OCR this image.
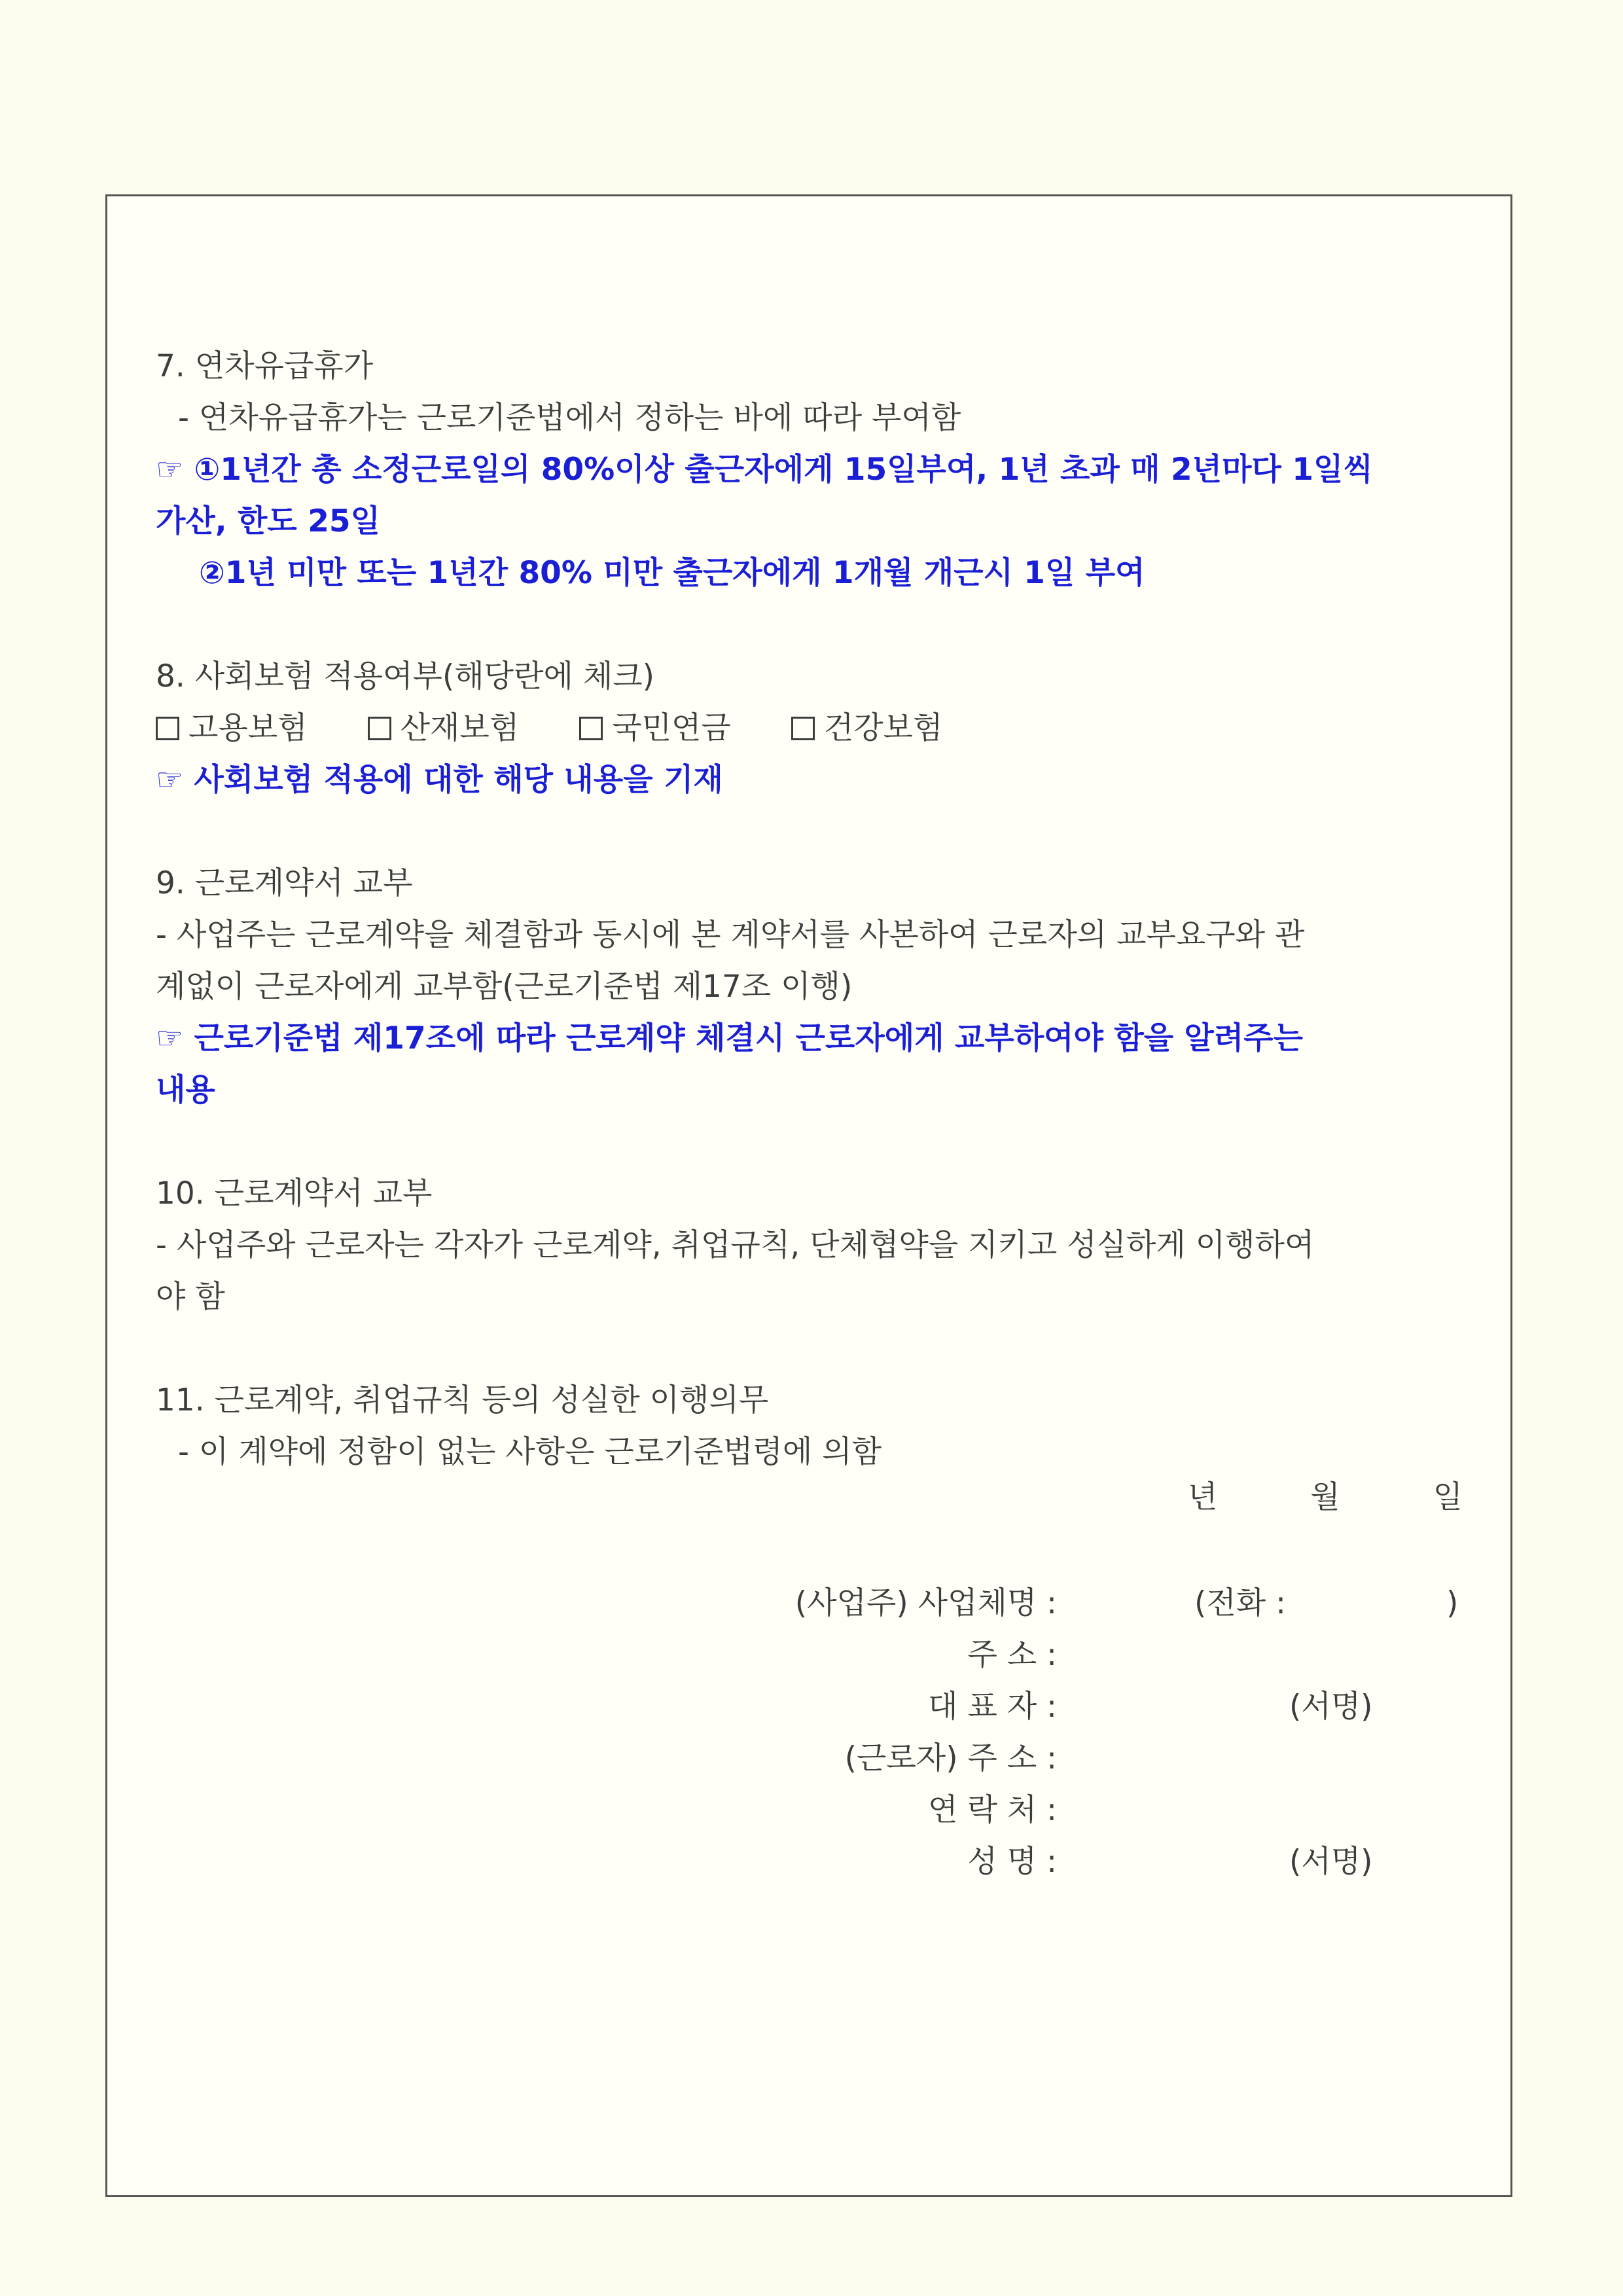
7. 연차유급휴가
- 연차유급휴가는 근로기준법에서 정하는 바에 따라 부여함
☞ ①1년간 총 소정근로일의 80%이상 출근자에게 15일부여, 1년 초과 매 2년마다 1일씩
가산, 한도 25일
②1년 미만 또는 1년간 80% 미만 출근자에게 1개월 개근시 1일 부여
8. 사회보험 적용여부(해당란에 체크)
고용보험	산재보험	국민연금	건강보험
☞ 사회보험 적용에 대한 해당 내용을 기재
9. 근로계약서 교부
- 사업주는 근로계약을 체결함과 동시에 본 계약서를 사본하여 근로자의 교부요구와 관
계없이 근로자에게 교부함(근로기준법 제17조 이행)
☞ 근로기준법 제17조에 따라 근로계약 체결시 근로자에게 교부하여야 함을 알려주는
내용
10. 근로계약서 교부
- 사업주와 근로자는 각자가 근로계약, 취업규칙, 단체협약을 지키고 성실하게 이행하여
야 함
11. 근로계약, 취업규칙 등의 성실한 이행의무
- 이 계약에 정함이 없는 사항은 근로기준법령에 의함
년	월	일
(사업주) 사업체명 :	(전화 :	)
주 소 :
대 표 자 :	(서명)
(근로자) 주 소 :
연 락 처 :
성 명 :	(서명)
